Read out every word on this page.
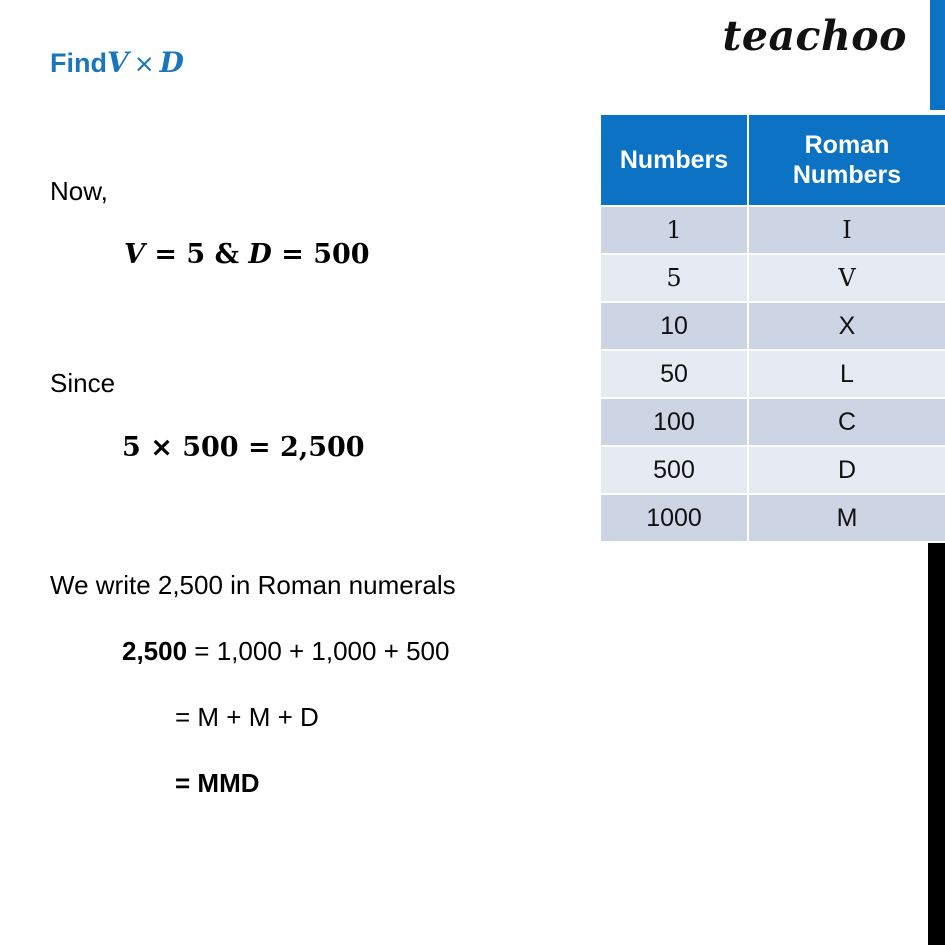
teachoo
FindV × D
Now,
V = 5 & D = 500
Since
5 × 500 = 2,500
We write 2,500 in Roman numerals
2,500 = 1,000 + 1,000 + 500
= M + M + D
= MMD
Numbers	Roman
Numbers
1	I
5	V
10	X
50	L
100	C
500	D
1000	M
